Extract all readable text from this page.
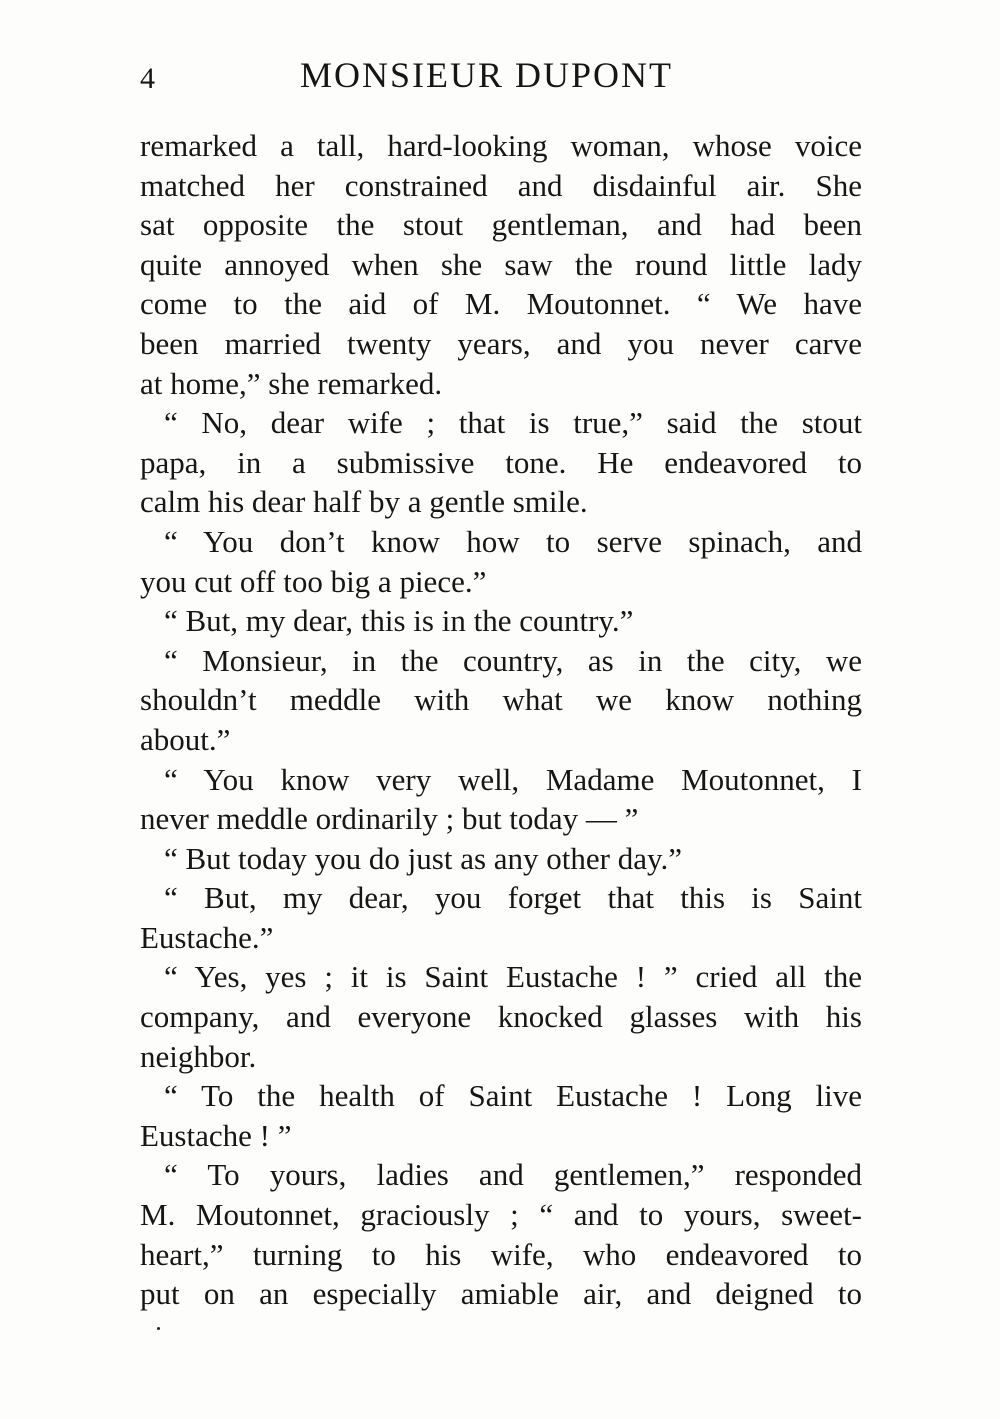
4	MONSIEUR DUPONT
remarked a tall, hard-looking woman, whose voice
matched her constrained and disdainful air. She
sat opposite the stout gentleman, and had been
quite annoyed when she saw the round little lady
come to the aid of M. Moutonnet. “ We have
been married twenty years, and you never carve
at home,” she remarked.
“ No, dear wife ; that is true,” said the stout
papa, in a submissive tone. He endeavored to
calm his dear half by a gentle smile.
“ You don’t know how to serve spinach, and
you cut off too big a piece.”
“ But, my dear, this is in the country.”
“ Monsieur, in the country, as in the city, we
shouldn’t meddle with what we know nothing
about.”
“ You know very well, Madame Moutonnet, I
never meddle ordinarily ; but today — ”
“ But today you do just as any other day.”
“ But, my dear, you forget that this is Saint
Eustache.”
“ Yes, yes ; it is Saint Eustache ! ” cried all the
company, and everyone knocked glasses with his
neighbor.
“ To the health of Saint Eustache ! Long live
Eustache ! ”
“ To yours, ladies and gentlemen,” responded
M. Moutonnet, graciously ; “ and to yours, sweet-
heart,” turning to his wife, who endeavored to
put on an especially amiable air, and deigned to
